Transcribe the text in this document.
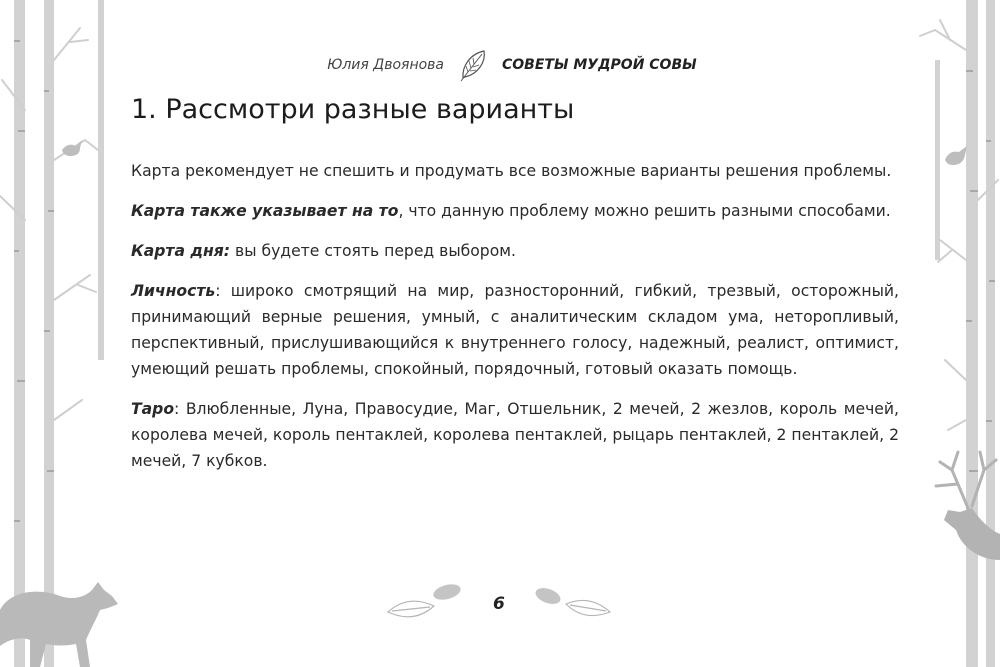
Юлия Двоянова	СОВЕТЫ МУДРОЙ СОВЫ
1. Рассмотри разные варианты

Карта рекомендует не спешить и продумать все возможные варианты решения проблемы.

Карта также указывает на то, что данную проблему можно решить разными способами.

Карта дня: вы будете стоять перед выбором.

Личность: широко смотрящий на мир, разносторонний, гибкий, трезвый, осторожный, принимающий верные решения, умный, с аналитическим складом ума, неторопливый, перспективный, прислушивающийся к внутреннего голосу, надежный, реалист, оптимист, умеющий решать проблемы, спокойный, порядочный, готовый оказать помощь.

Таро: Влюбленные, Луна, Правосудие, Маг, Отшельник, 2 мечей, 2 жезлов, король мечей, королева мечей, король пентаклей, королева пентаклей, рыцарь пентаклей, 2 пентаклей, 2 мечей, 7 кубков.

6
